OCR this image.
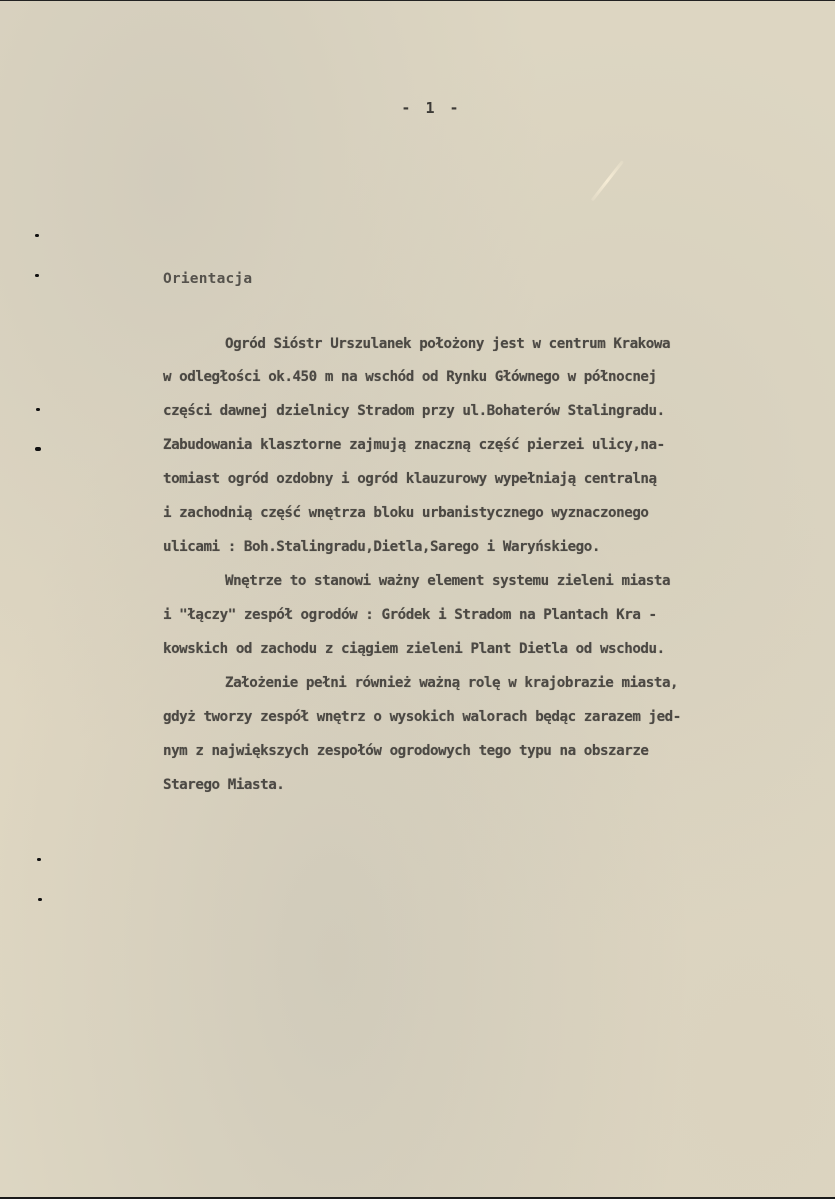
- 1 -
Orientacja
Ogród Sióstr Urszulanek położony jest w centrum Krakowa
w odległości ok.450 m na wschód od Rynku Głównego w północnej
części dawnej dzielnicy Stradom przy ul.Bohaterów Stalingradu.
Zabudowania klasztorne zajmują znaczną część pierzei ulicy,na-
tomiast ogród ozdobny i ogród klauzurowy wypełniają centralną
i zachodnią część wnętrza bloku urbanistycznego wyznaczonego
ulicami : Boh.Stalingradu,Dietla,Sarego i Waryńskiego.
Wnętrze to stanowi ważny element systemu zieleni miasta
i "łączy" zespół ogrodów : Gródek i Stradom na Plantach Kra -
kowskich od zachodu z ciągiem zieleni Plant Dietla od wschodu.
Założenie pełni również ważną rolę w krajobrazie miasta,
gdyż tworzy zespół wnętrz o wysokich walorach będąc zarazem jed-
nym z największych zespołów ogrodowych tego typu na obszarze
Starego Miasta.
